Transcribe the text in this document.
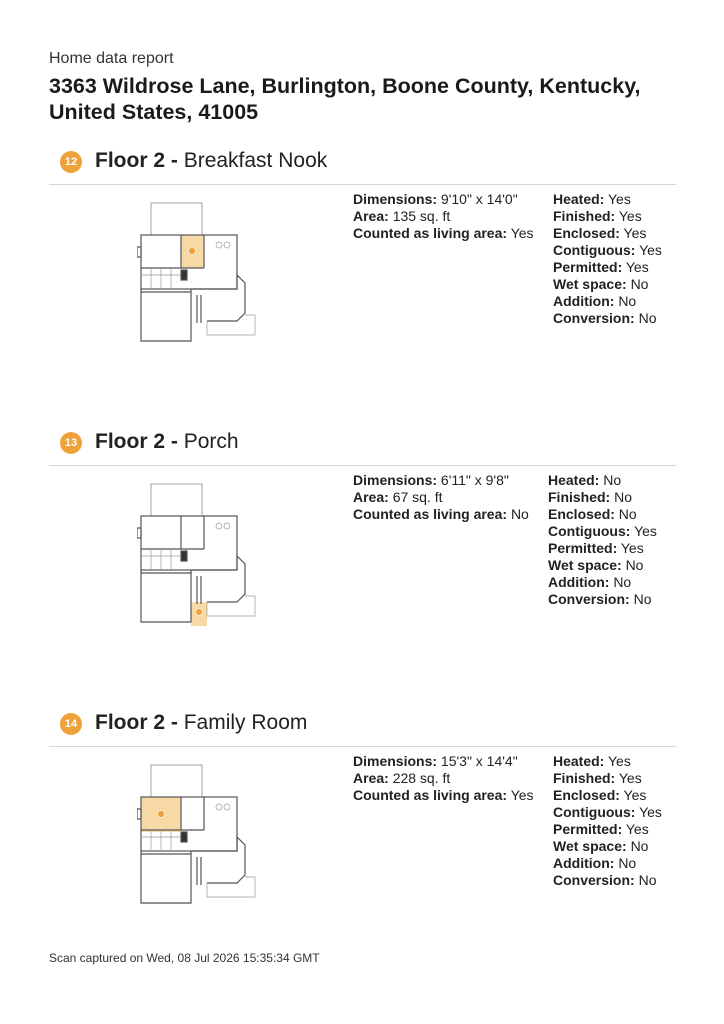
Home data report
3363 Wildrose Lane, Burlington, Boone County, Kentucky, United States, 41005
12 Floor 2 - Breakfast Nook
Dimensions: 9'10" x 14'0"
Area: 135 sq. ft
Counted as living area: Yes
Heated: Yes
Finished: Yes
Enclosed: Yes
Contiguous: Yes
Permitted: Yes
Wet space: No
Addition: No
Conversion: No
13 Floor 2 - Porch
Dimensions: 6'11" x 9'8"
Area: 67 sq. ft
Counted as living area: No
Heated: No
Finished: No
Enclosed: No
Contiguous: Yes
Permitted: Yes
Wet space: No
Addition: No
Conversion: No
14 Floor 2 - Family Room
Dimensions: 15'3" x 14'4"
Area: 228 sq. ft
Counted as living area: Yes
Heated: Yes
Finished: Yes
Enclosed: Yes
Contiguous: Yes
Permitted: Yes
Wet space: No
Addition: No
Conversion: No
Scan captured on Wed, 08 Jul 2026 15:35:34 GMT
